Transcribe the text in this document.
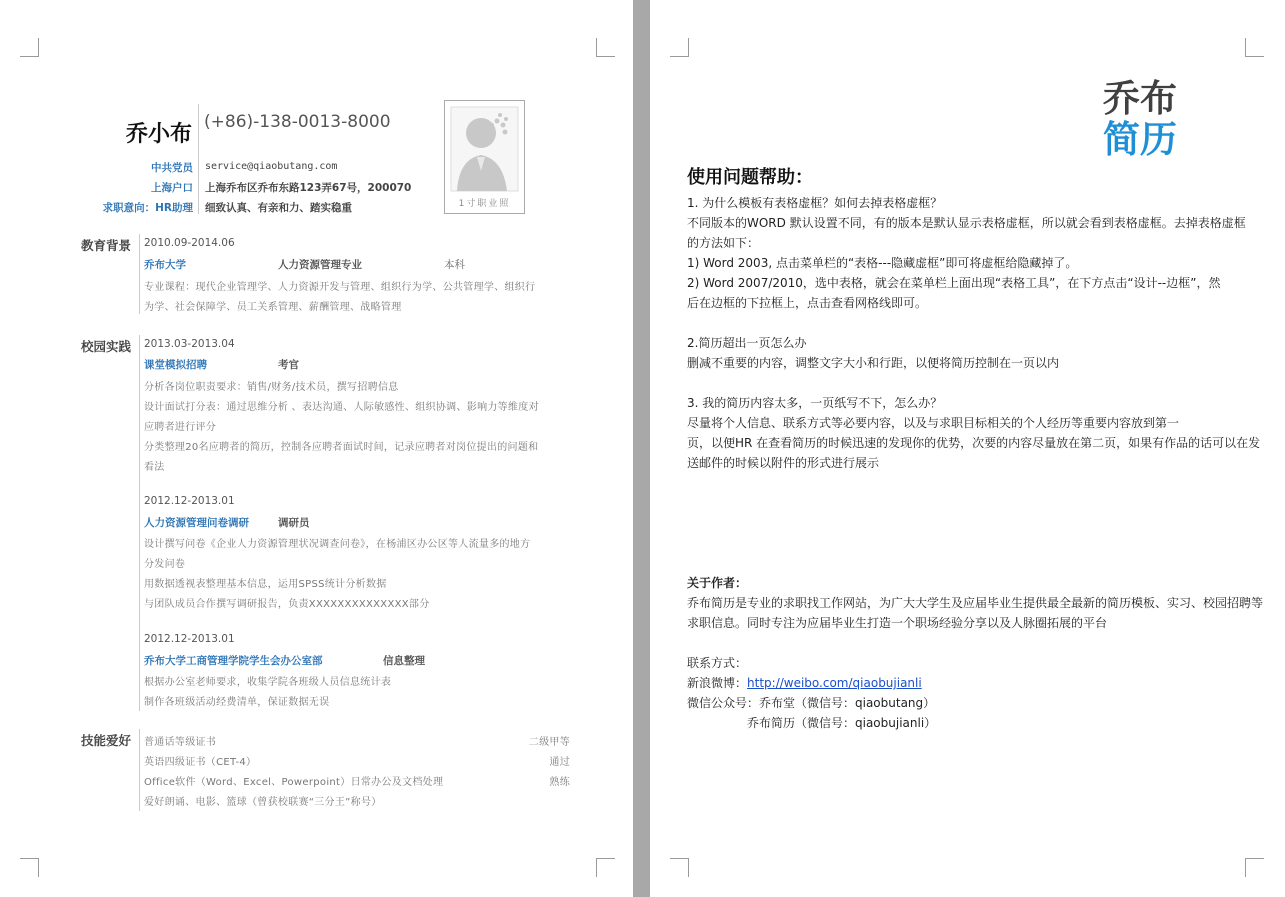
乔小布 (+86)-138-0013-8000
中共党员 service@qiaobutang.com
上海户口 上海乔布区乔布东路123弄67号，200070
求职意向：HR助理 细致认真、有亲和力、踏实稳重	1寸职业照
教育背景 2010.09-2014.06
乔布大学	人力资源管理专业	本科
专业课程：现代企业管理学、人力资源开发与管理、组织行为学、公共管理学、组织行
为学、社会保障学、员工关系管理、薪酬管理、战略管理
校园实践 2013.03-2013.04
课堂模拟招聘	考官
分析各岗位职责要求：销售/财务/技术员，撰写招聘信息
设计面试打分表：通过思维分析 、表达沟通、人际敏感性、组织协调、影响力等维度对
应聘者进行评分
分类整理20名应聘者的简历，控制各应聘者面试时间，记录应聘者对岗位提出的问题和
看法
2012.12-2013.01
人力资源管理问卷调研	调研员
设计撰写问卷《企业人力资源管理状况调查问卷》，在杨浦区办公区等人流量多的地方
分发问卷
用数据透视表整理基本信息，运用SPSS统计分析数据
与团队成员合作撰写调研报告，负责XXXXXXXXXXXXXX部分
2012.12-2013.01
乔布大学工商管理学院学生会办公室部	信息整理
根据办公室老师要求，收集学院各班级人员信息统计表
制作各班级活动经费清单，保证数据无误
技能爱好 普通话等级证书	二级甲等
英语四级证书（CET-4）	通过
Office软件（Word、Excel、Powerpoint）日常办公及文档处理	熟练
爱好朗诵、电影、篮球（曾获校联赛“三分王”称号）
乔布
简历
使用问题帮助：
1. 为什么模板有表格虚框？如何去掉表格虚框？
不同版本的WORD 默认设置不同，有的版本是默认显示表格虚框，所以就会看到表格虚框。去掉表格虚框
的方法如下：
1) Word 2003, 点击菜单栏的“表格---隐藏虚框”即可将虚框给隐藏掉了。
2) Word 2007/2010，选中表格，就会在菜单栏上面出现“表格工具”，在下方点击“设计--边框”，然
后在边框的下拉框上，点击查看网格线即可。
2.简历超出一页怎么办
删减不重要的内容，调整文字大小和行距，以便将简历控制在一页以内
3. 我的简历内容太多，一页纸写不下，怎么办？
尽量将个人信息、联系方式等必要内容，以及与求职目标相关的个人经历等重要内容放到第一
页，以便HR 在查看简历的时候迅速的发现你的优势，次要的内容尽量放在第二页，如果有作品的话可以在发
送邮件的时候以附件的形式进行展示
关于作者：
乔布简历是专业的求职找工作网站，为广大大学生及应届毕业生提供最全最新的简历模板、实习、校园招聘等
求职信息。同时专注为应届毕业生打造一个职场经验分享以及人脉圈拓展的平台
联系方式：
新浪微博：http://weibo.com/qiaobujianli
微信公众号：乔布堂（微信号：qiaobutang）
乔布简历（微信号：qiaobujianli）
